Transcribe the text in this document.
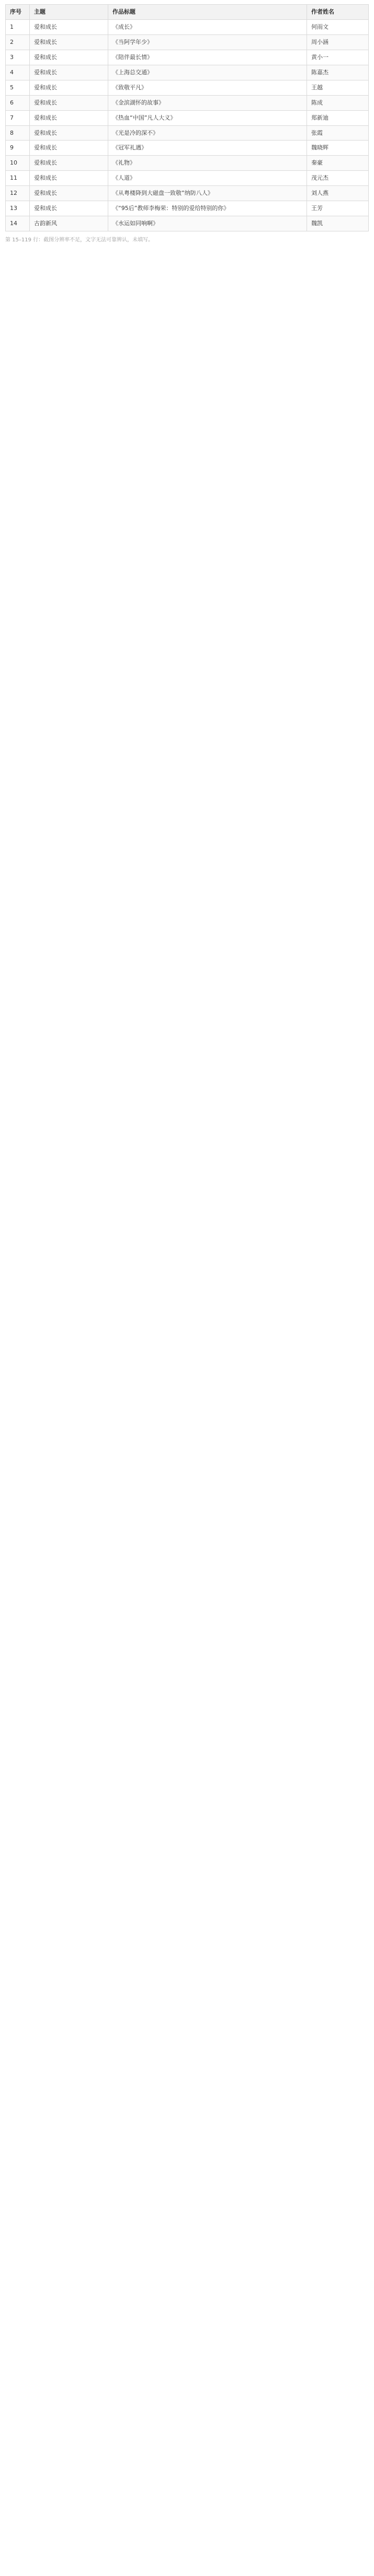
序号	主题	作品标题	作者姓名
1	爱和成长	《成长》	何雨文
2	爱和成长	《当阿学年少》	周小涵
3	爱和成长	《陪伴最长情》	黄小一
4	爱和成长	《上海总交通》	陈嘉杰
5	爱和成长	《致敬平凡》	王越
6	爱和成长	《金滨湖怀的故事》	陈成
7	爱和成长	《热血“中国”凡人大义》	郑新迪
8	爱和成长	《光是冷的深不》	张霞
9	爱和成长	《冠军礼遇》	魏晓辉
10	爱和成长	《礼物》	秦豪
11	爱和成长	《人道》	茂元杰
12	爱和成长	《从粤楼降到大磁盘一致敬”纳防八人》	刘人燕
13	爱和成长	《“95后”教师李梅荣：特别的爱给特别的你》	王芳
14	古韵新风	《水运如同响啊》	魏凯
第 15–119 行：截图分辨率不足，文字无法可靠辨认，未填写。
